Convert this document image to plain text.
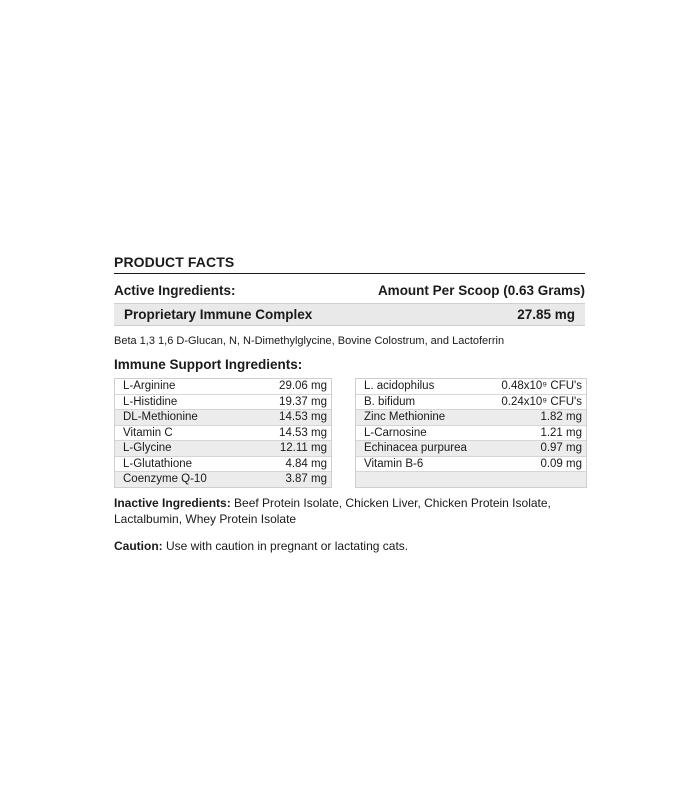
PRODUCT FACTS
Active Ingredients:	Amount Per Scoop (0.63 Grams)
Proprietary Immune Complex	27.85 mg
Beta 1,3 1,6 D-Glucan, N, N-Dimethylglycine, Bovine Colostrum, and Lactoferrin
Immune Support Ingredients:
L-Arginine	29.06 mg
L-Histidine	19.37 mg
DL-Methionine	14.53 mg
Vitamin C	14.53 mg
L-Glycine	12.11 mg
L-Glutathione	4.84 mg
Coenzyme Q-10	3.87 mg
L. acidophilus	0.48x10⁹ CFU's
B. bifidum	0.24x10⁹ CFU's
Zinc Methionine	1.82 mg
L-Carnosine	1.21 mg
Echinacea purpurea	0.97 mg
Vitamin B-6	0.09 mg
Inactive Ingredients: Beef Protein Isolate, Chicken Liver, Chicken Protein Isolate, Lactalbumin, Whey Protein Isolate
Caution: Use with caution in pregnant or lactating cats.
